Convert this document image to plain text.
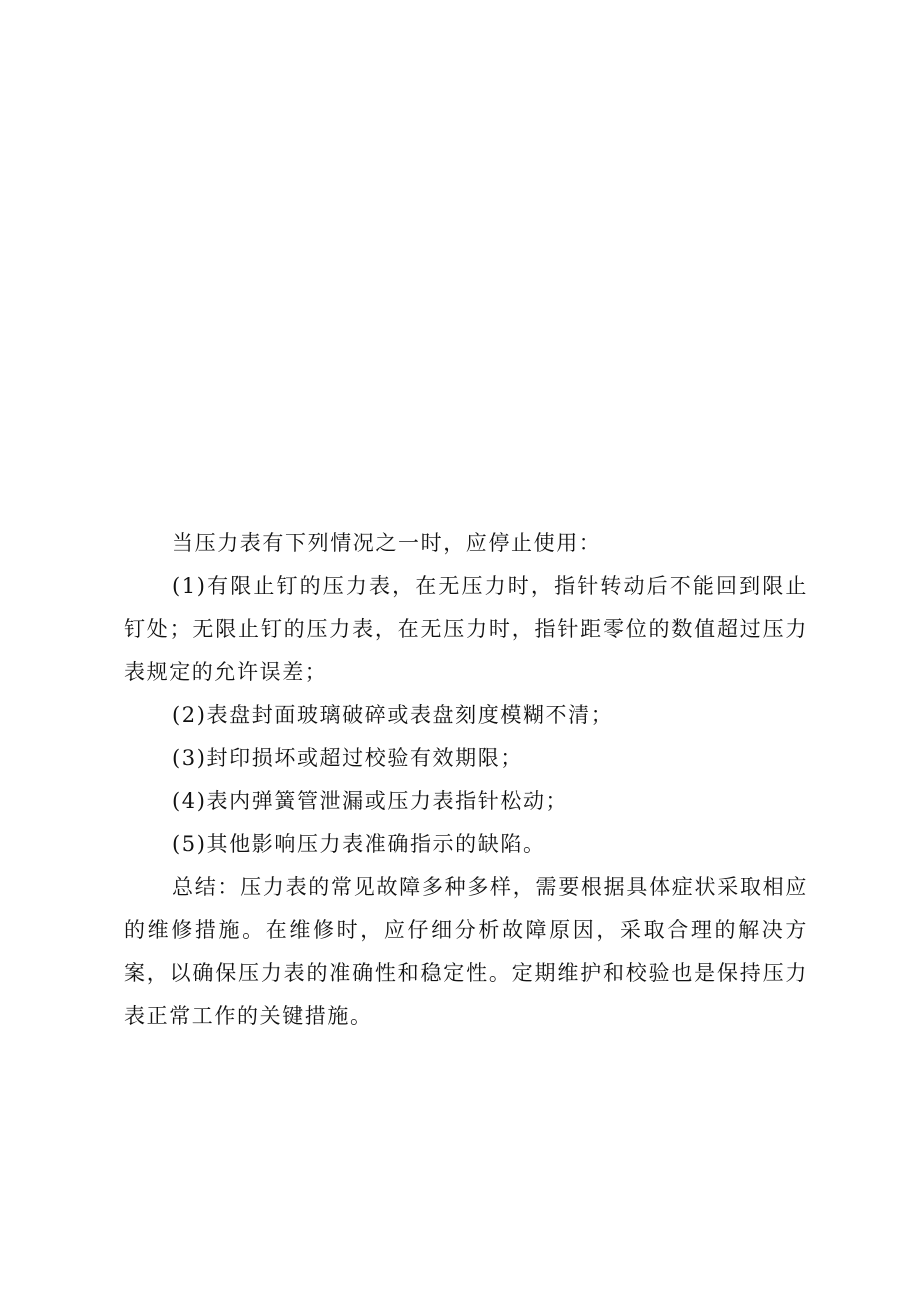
当压力表有下列情况之一时，应停止使用：

(1)有限止钉的压力表，在无压力时，指针转动后不能回到限止钉处；无限止钉的压力表，在无压力时，指针距零位的数值超过压力表规定的允许误差；

(2)表盘封面玻璃破碎或表盘刻度模糊不清；

(3)封印损坏或超过校验有效期限；

(4)表内弹簧管泄漏或压力表指针松动；

(5)其他影响压力表准确指示的缺陷。

总结：压力表的常见故障多种多样，需要根据具体症状采取相应的维修措施。在维修时，应仔细分析故障原因，采取合理的解决方案，以确保压力表的准确性和稳定性。定期维护和校验也是保持压力表正常工作的关键措施。
